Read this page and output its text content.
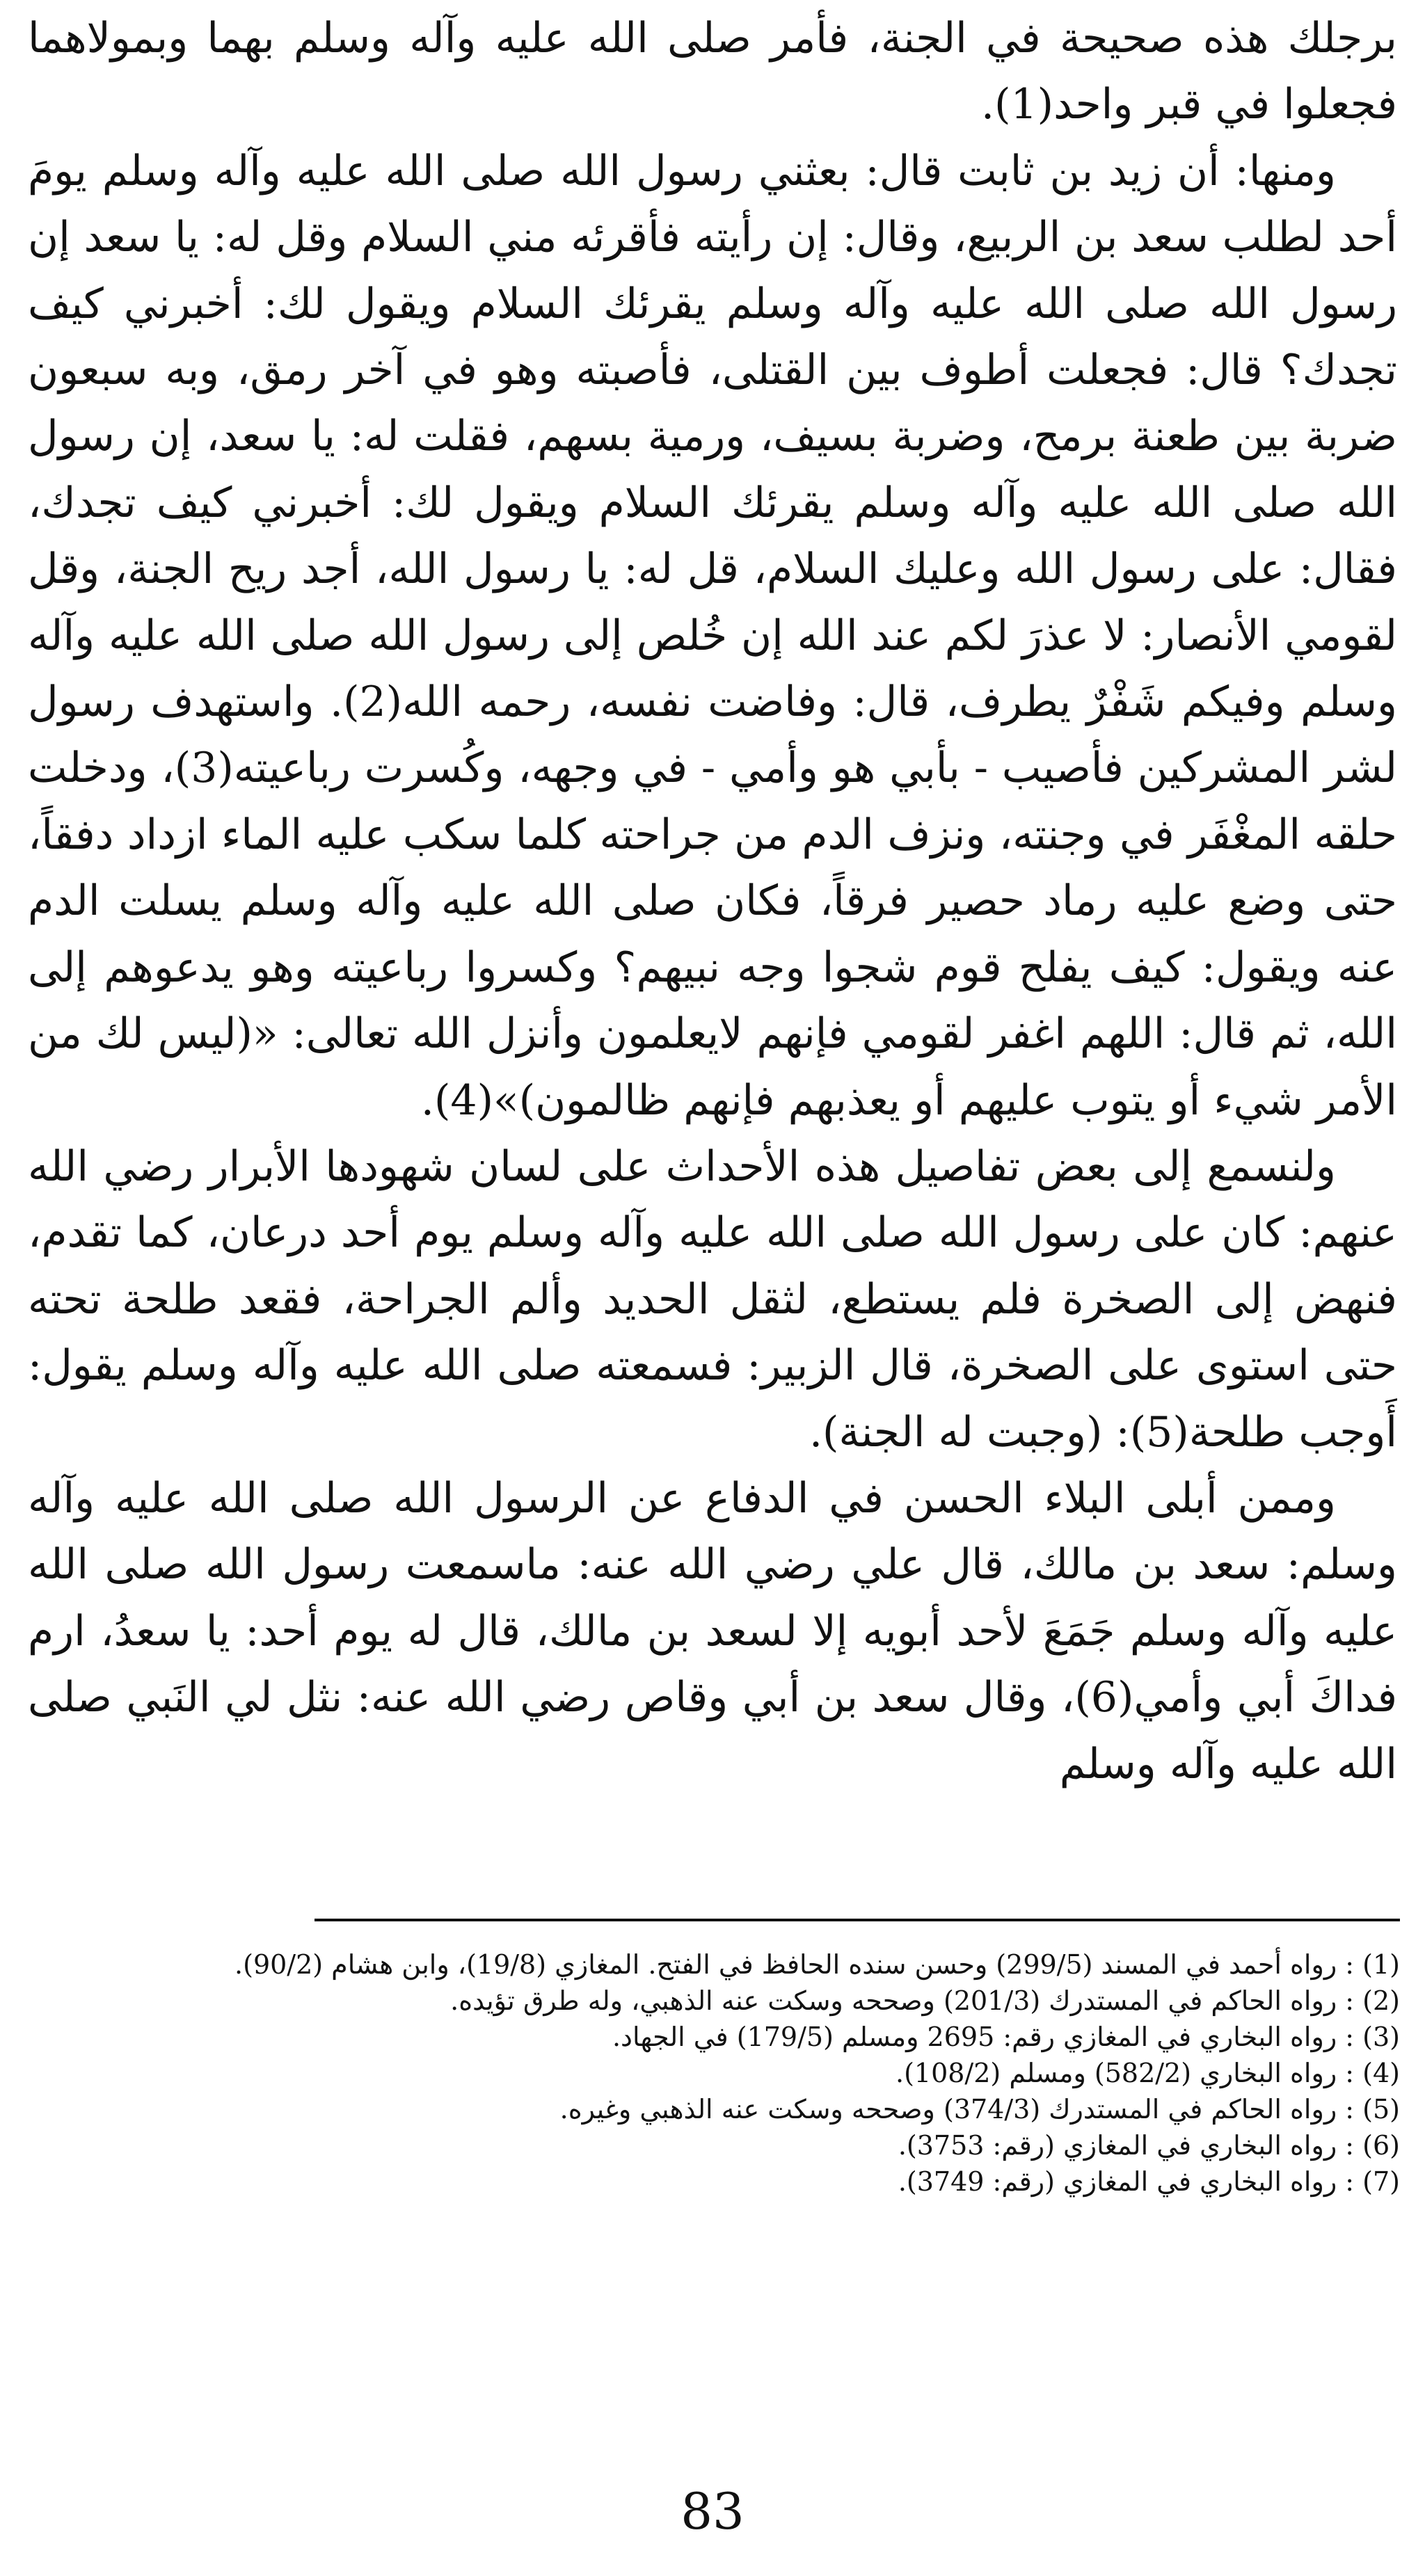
برجلك هذه صحيحة في الجنة، فأمر صلى الله عليه وآله وسلم بهما وبمولاهما فجعلوا في قبر واحد(1).

ومنها: أن زيد بن ثابت قال: بعثني رسول الله صلى الله عليه وآله وسلم يومَ أحد لطلب سعد بن الربيع، وقال: إن رأيته فأقرئه مني السلام وقل له: يا سعد إن رسول الله صلى الله عليه وآله وسلم يقرئك السلام ويقول لك: أخبرني كيف تجدك؟ قال: فجعلت أطوف بين القتلى، فأصبته وهو في آخر رمق، وبه سبعون ضربة بين طعنة برمح، وضربة بسيف، ورمية بسهم، فقلت له: يا سعد، إن رسول الله صلى الله عليه وآله وسلم يقرئك السلام ويقول لك: أخبرني كيف تجدك، فقال: على رسول الله وعليك السلام، قل له: يا رسول الله، أجد ريح الجنة، وقل لقومي الأنصار: لا عذرَ لكم عند الله إن خُلص إلى رسول الله صلى الله عليه وآله وسلم وفيكم شَفْرٌ يطرف، قال: وفاضت نفسه، رحمه الله(2). واستهدف رسول لشر المشركين فأصيب - بأبي هو وأمي - في وجهه، وكُسرت رباعيته(3)، ودخلت حلقه المغْفَر في وجنته، ونزف الدم من جراحته كلما سكب عليه الماء ازداد دفقاً، حتى وضع عليه رماد حصير فرقاً، فكان صلى الله عليه وآله وسلم يسلت الدم عنه ويقول: كيف يفلح قوم شجوا وجه نبيهم؟ وكسروا رباعيته وهو يدعوهم إلى الله، ثم قال: اللهم اغفر لقومي فإنهم لايعلمون وأنزل الله تعالى: «(ليس لك من الأمر شيء أو يتوب عليهم أو يعذبهم فإنهم ظالمون)»(4).

ولنسمع إلى بعض تفاصيل هذه الأحداث على لسان شهودها الأبرار رضي الله عنهم: كان على رسول الله صلى الله عليه وآله وسلم يوم أحد درعان، كما تقدم، فنهض إلى الصخرة فلم يستطع، لثقل الحديد وألم الجراحة، فقعد طلحة تحته حتى استوى على الصخرة، قال الزبير: فسمعته صلى الله عليه وآله وسلم يقول: أَوجب طلحة(5): (وجبت له الجنة).

وممن أبلى البلاء الحسن في الدفاع عن الرسول الله صلى الله عليه وآله وسلم: سعد بن مالك، قال علي رضي الله عنه: ماسمعت رسول الله صلى الله عليه وآله وسلم جَمَعَ لأحد أبويه إلا لسعد بن مالك، قال له يوم أحد: يا سعدُ، ارم فداكَ أبي وأمي(6)، وقال سعد بن أبي وقاص رضي الله عنه: نثل لي النَبي صلى الله عليه وآله وسلم

(1) : رواه أحمد في المسند (299/5) وحسن سنده الحافظ في الفتح. المغازي (19/8)، وابن هشام (90/2).
(2) : رواه الحاكم في المستدرك (201/3) وصححه وسكت عنه الذهبي، وله طرق تؤيده.
(3) : رواه البخاري في المغازي رقم: 2695 ومسلم (179/5) في الجهاد.
(4) : رواه البخاري (582/2) ومسلم (108/2).
(5) : رواه الحاكم في المستدرك (374/3) وصححه وسكت عنه الذهبي وغيره.
(6) : رواه البخاري في المغازي (رقم: 3753).
(7) : رواه البخاري في المغازي (رقم: 3749).
83
